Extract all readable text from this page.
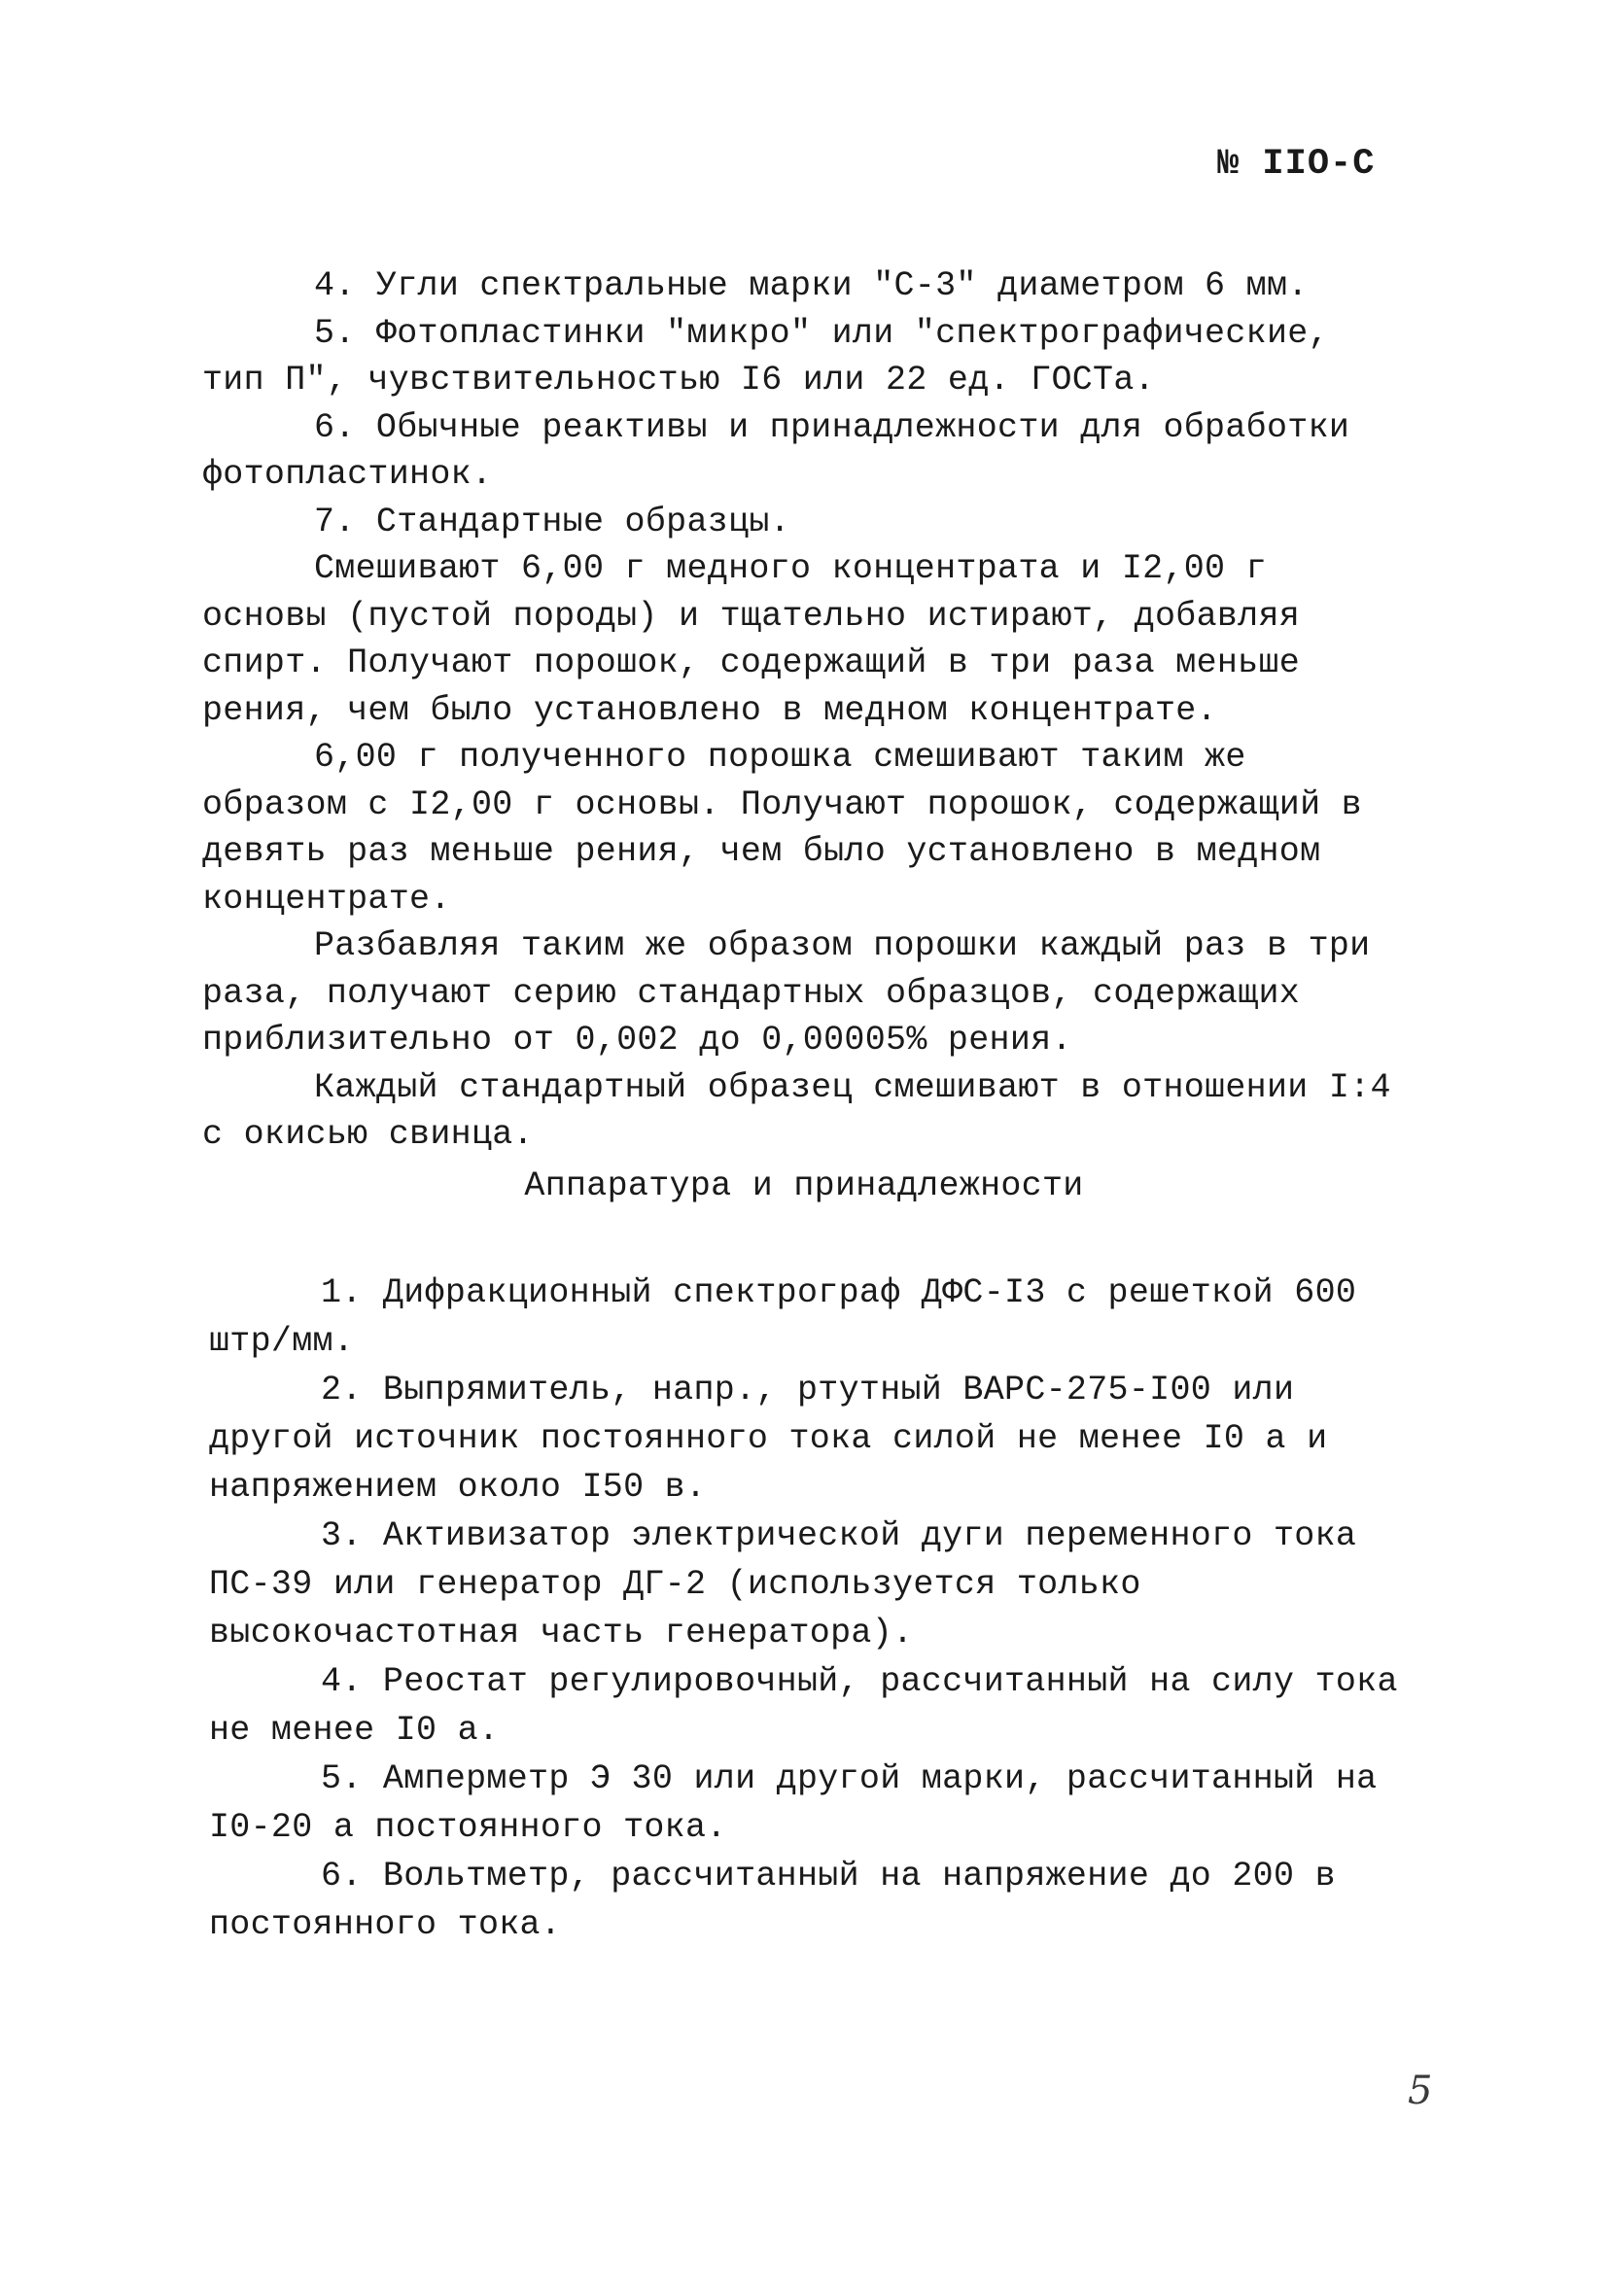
№ IIO-C

4. Угли спектральные марки "C-3" диаметром 6 мм.

5. Фотопластинки "микро" или "спектрографические, тип П", чувствительностью I6 или 22 ед. ГОСТа.

6. Обычные реактивы и принадлежности для обработки фотопластинок.

7. Стандартные образцы.

Смешивают 6,00 г медного концентрата и I2,00 г основы (пустой породы) и тщательно истирают, добавляя спирт. Получают порошок, содержащий в три раза меньше рения, чем было установлено в медном концентрате.

6,00 г полученного порошка смешивают таким же образом с I2,00 г основы. Получают порошок, содержащий в девять раз меньше рения, чем было установлено в медном концентрате.

Разбавляя таким же образом порошки каждый раз в три раза, получают серию стандартных образцов, содержащих приблизительно от 0,002 до 0,00005% рения.

Каждый стандартный образец смешивают в отношении I:4 с окисью свинца.

Аппаратура и принадлежности

1. Дифракционный спектрограф ДФС-I3 с решеткой 600 штр/мм.

2. Выпрямитель, напр., ртутный ВАРС-275-I00 или другой источник постоянного тока силой не менее I0 а и напряжением около I50 в.

3. Активизатор электрической дуги переменного тока ПС-39 или генератор ДГ-2 (используется только высокочастотная часть генератора).

4. Реостат регулировочный, рассчитанный на силу тока не менее I0 а.

5. Амперметр Э 30 или другой марки, рассчитанный на I0-20 а постоянного тока.

6. Вольтметр, рассчитанный на напряжение до 200 в постоянного тока.

5
